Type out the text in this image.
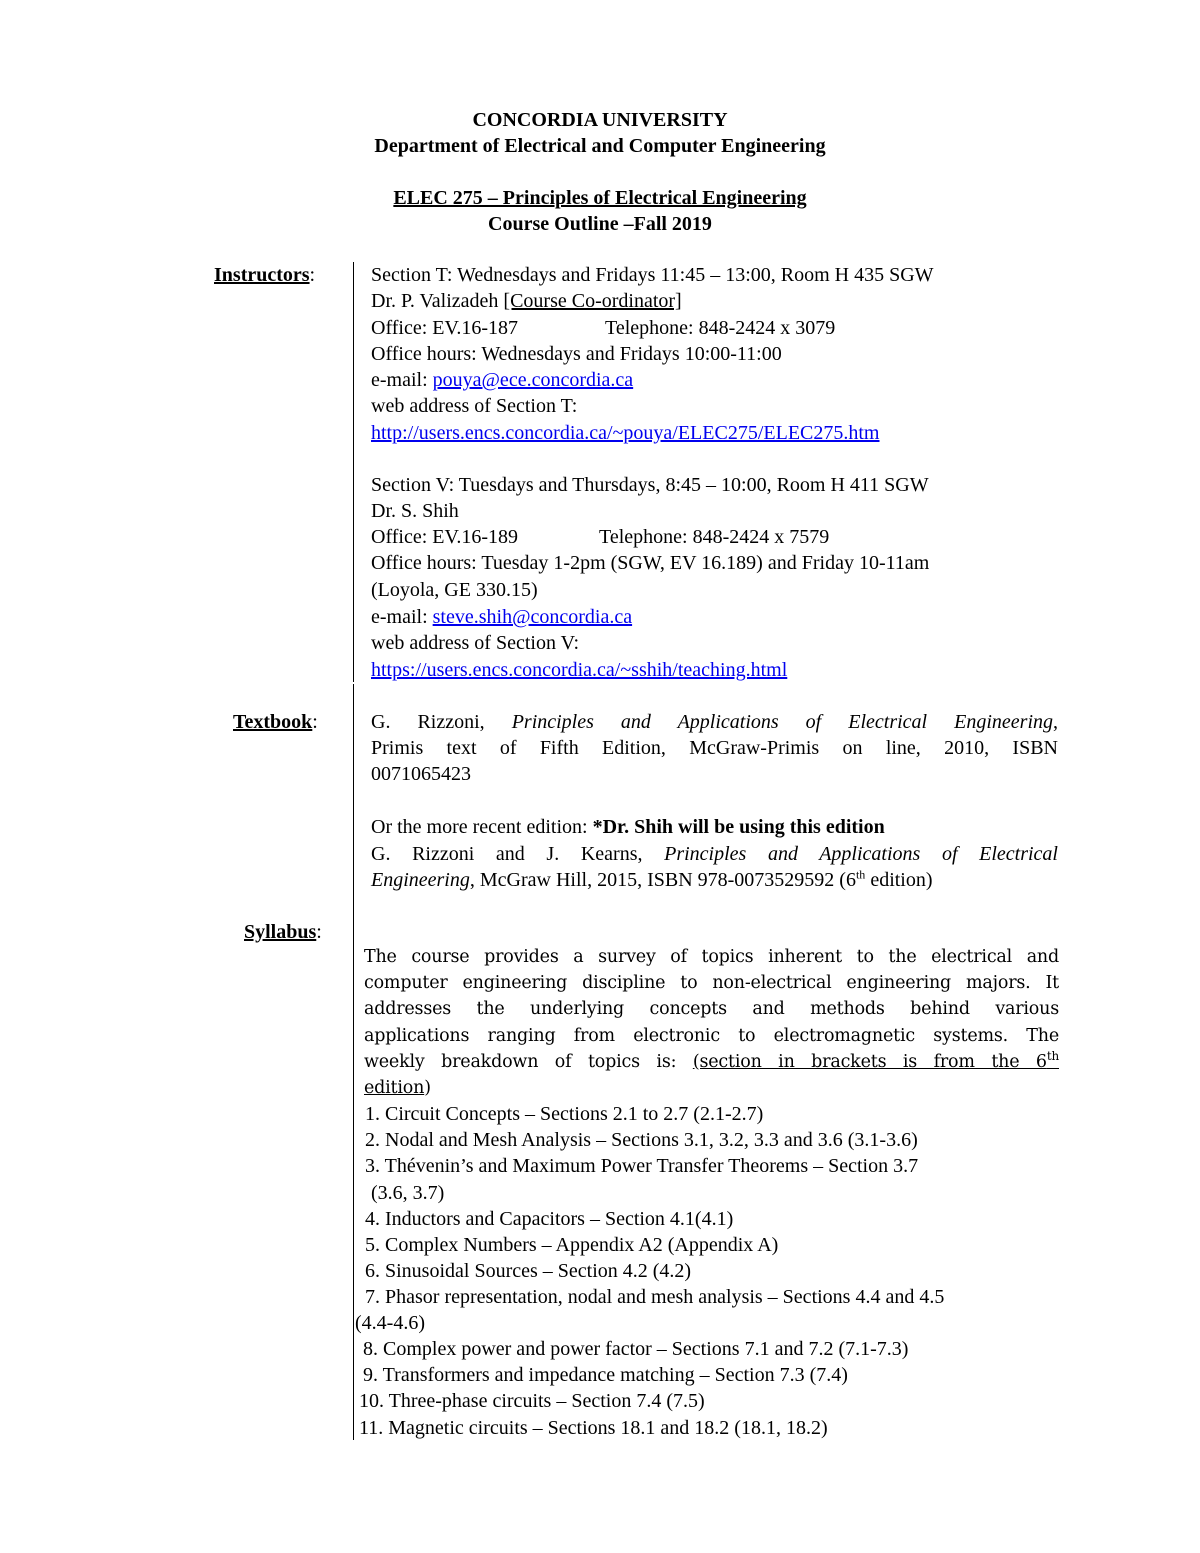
CONCORDIA UNIVERSITY
Department of Electrical and Computer Engineering
ELEC 275 – Principles of Electrical Engineering
Course Outline –Fall 2019
Instructors:	Section T: Wednesdays and Fridays 11:45 – 13:00, Room H 435 SGW
Dr. P. Valizadeh [Course Co-ordinator]
Office: EV.16-187	Telephone: 848-2424 x 3079
Office hours: Wednesdays and Fridays 10:00-11:00
e-mail: pouya@ece.concordia.ca
web address of Section T:
http://users.encs.concordia.ca/~pouya/ELEC275/ELEC275.htm
Section V: Tuesdays and Thursdays, 8:45 – 10:00, Room H 411 SGW
Dr. S. Shih
Office: EV.16-189	Telephone: 848-2424 x 7579
Office hours: Tuesday 1-2pm (SGW, EV 16.189) and Friday 10-11am
(Loyola, GE 330.15)
e-mail: steve.shih@concordia.ca
web address of Section V:
https://users.encs.concordia.ca/~sshih/teaching.html
Textbook:	G. Rizzoni, Principles and Applications of Electrical Engineering,
Primis text of Fifth Edition, McGraw-Primis on line, 2010, ISBN
0071065423
Or the more recent edition: *Dr. Shih will be using this edition
G. Rizzoni and J. Kearns, Principles and Applications of Electrical
Engineering, McGraw Hill, 2015, ISBN 978-0073529592 (6th edition)
Syllabus:
The course provides a survey of topics inherent to the electrical and
computer engineering discipline to non-electrical engineering majors. It
addresses the underlying concepts and methods behind various
applications ranging from electronic to electromagnetic systems. The
weekly breakdown of topics is: (section in brackets is from the 6th
edition)
1. Circuit Concepts – Sections 2.1 to 2.7 (2.1-2.7)
2. Nodal and Mesh Analysis – Sections 3.1, 3.2, 3.3 and 3.6 (3.1-3.6)
3. Thévenin’s and Maximum Power Transfer Theorems – Section 3.7
(3.6, 3.7)
4. Inductors and Capacitors – Section 4.1(4.1)
5. Complex Numbers – Appendix A2 (Appendix A)
6. Sinusoidal Sources – Section 4.2 (4.2)
7. Phasor representation, nodal and mesh analysis – Sections 4.4 and 4.5
(4.4-4.6)
8. Complex power and power factor – Sections 7.1 and 7.2 (7.1-7.3)
9. Transformers and impedance matching – Section 7.3 (7.4)
10. Three-phase circuits – Section 7.4 (7.5)
11. Magnetic circuits – Sections 18.1 and 18.2 (18.1, 18.2)
